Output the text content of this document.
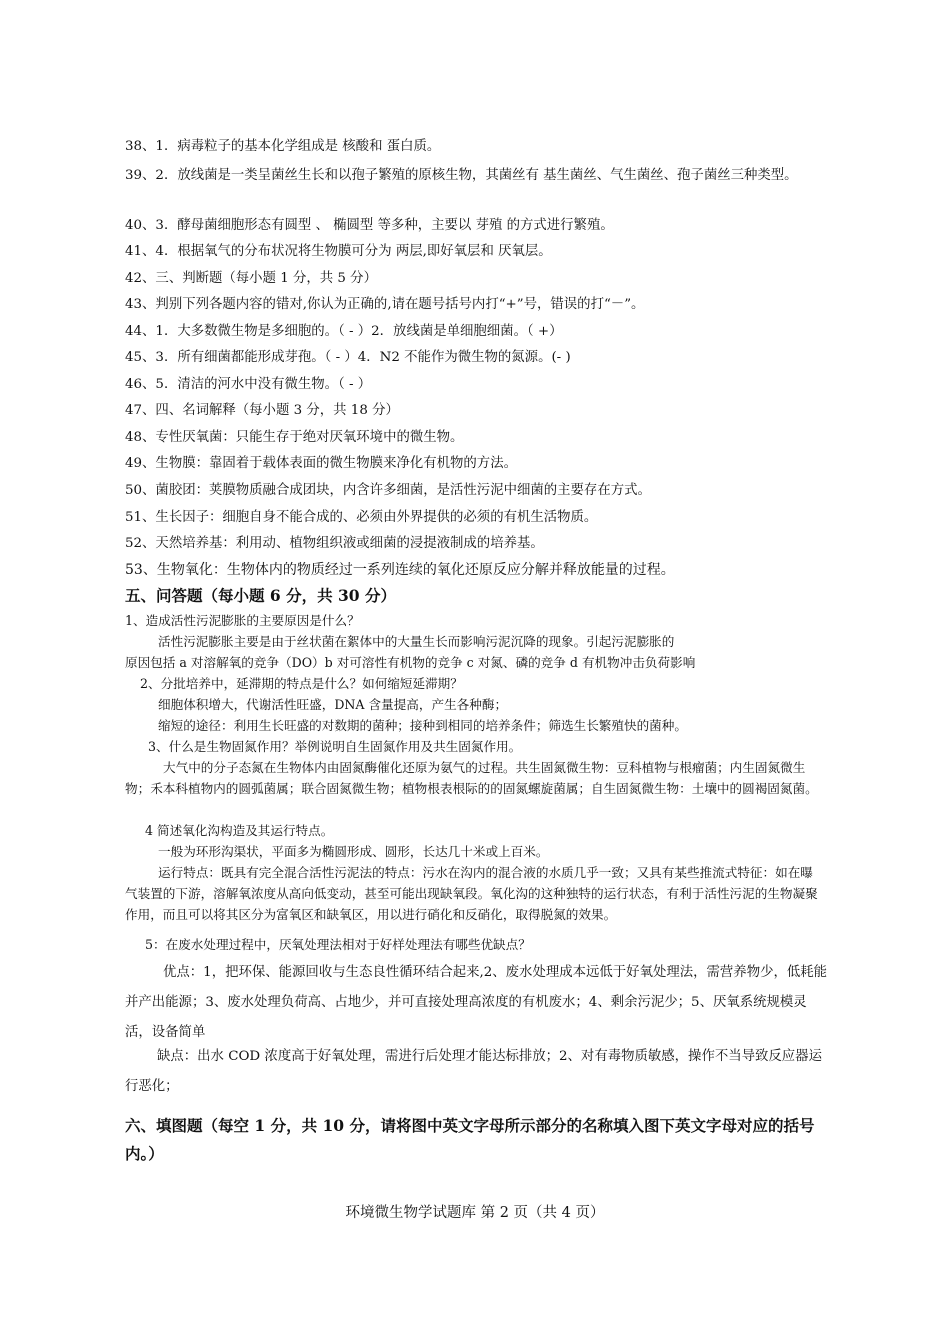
38、1．病毒粒子的基本化学组成是 核酸和 蛋白质。
39、2．放线菌是一类呈菌丝生长和以孢子繁殖的原核生物，其菌丝有 基生菌丝、气生菌丝、孢子菌丝三种类型。
40、3．酵母菌细胞形态有圆型 、 椭圆型 等多种，主要以 芽殖 的方式进行繁殖。
41、4．根据氧气的分布状况将生物膜可分为 两层,即好氧层和 厌氧层。
42、三、判断题（每小题 1 分，共 5 分）
43、判别下列各题内容的错对,你认为正确的,请在题号括号内打“+”号，错误的打“－”。
44、1．大多数微生物是多细胞的。（ - ）2．放线菌是单细胞细菌。（ +）
45、3．所有细菌都能形成芽孢。（ - ）4．N2 不能作为微生物的氮源。(- )
46、5．清洁的河水中没有微生物。（ - ）
47、四、名词解释（每小题 3 分，共 18 分）
48、专性厌氧菌：只能生存于绝对厌氧环境中的微生物。
49、生物膜：靠固着于载体表面的微生物膜来净化有机物的方法。
50、菌胶团：荚膜物质融合成团块，内含许多细菌，是活性污泥中细菌的主要存在方式。
51、生长因子：细胞自身不能合成的、必须由外界提供的必须的有机生活物质。
52、天然培养基：利用动、植物组织液或细菌的浸提液制成的培养基。
53、生物氧化：生物体内的物质经过一系列连续的氧化还原反应分解并释放能量的过程。
五、问答题（每小题 6 分，共 30 分）
1、造成活性污泥膨胀的主要原因是什么？
活性污泥膨胀主要是由于丝状菌在絮体中的大量生长而影响污泥沉降的现象。引起污泥膨胀的
原因包括 a 对溶解氧的竞争（DO）b 对可溶性有机物的竞争 c 对氮、磷的竞争 d 有机物冲击负荷影响
2、分批培养中，延滞期的特点是什么？如何缩短延滞期？
细胞体积增大，代谢活性旺盛，DNA 含量提高，产生各种酶；
缩短的途径：利用生长旺盛的对数期的菌种；接种到相同的培养条件；筛选生长繁殖快的菌种。
3、什么是生物固氮作用？举例说明自生固氮作用及共生固氮作用。
大气中的分子态氮在生物体内由固氮酶催化还原为氨气的过程。共生固氮微生物：豆科植物与根瘤菌；内生固氮微生物；禾本科植物内的圆弧菌属；联合固氮微生物；植物根表根际的的固氮螺旋菌属；自生固氮微生物：土壤中的圆褐固氮菌。
4 简述氧化沟构造及其运行特点。
一般为环形沟渠状，平面多为椭圆形成、圆形，长达几十米或上百米。
运行特点：既具有完全混合活性污泥法的特点：污水在沟内的混合液的水质几乎一致；又具有某些推流式特征：如在曝气装置的下游，溶解氧浓度从高向低变动，甚至可能出现缺氧段。氧化沟的这种独特的运行状态，有利于活性污泥的生物凝聚作用，而且可以将其区分为富氧区和缺氧区，用以进行硝化和反硝化，取得脱氮的效果。
5：在废水处理过程中，厌氧处理法相对于好样处理法有哪些优缺点？
优点：1，把环保、能源回收与生态良性循环结合起来,2、废水处理成本远低于好氧处理法，需营养物少，低耗能并产出能源；3、废水处理负荷高、占地少，并可直接处理高浓度的有机废水；4、剩余污泥少；5、厌氧系统规模灵活，设备简单
缺点：出水 COD 浓度高于好氧处理，需进行后处理才能达标排放；2、对有毒物质敏感，操作不当导致反应器运行恶化；
六、填图题（每空 1 分，共 10 分，请将图中英文字母所示部分的名称填入图下英文字母对应的括号内。）
环境微生物学试题库 第 2 页（共 4 页）
